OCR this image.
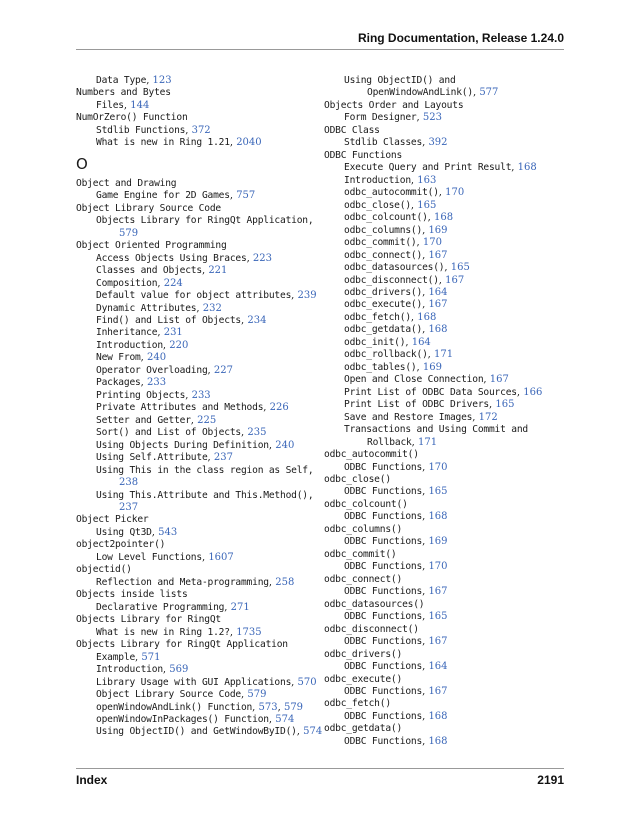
Ring Documentation, Release 1.24.0
Data Type, 123
Numbers and Bytes
Files, 144
NumOrZero() Function
Stdlib Functions, 372
What is new in Ring 1.21, 2040
O
Object and Drawing
Game Engine for 2D Games, 757
Object Library Source Code
Objects Library for RingQt Application,
579
Object Oriented Programming
Access Objects Using Braces, 223
Classes and Objects, 221
Composition, 224
Default value for object attributes, 239
Dynamic Attributes, 232
Find() and List of Objects, 234
Inheritance, 231
Introduction, 220
New From, 240
Operator Overloading, 227
Packages, 233
Printing Objects, 233
Private Attributes and Methods, 226
Setter and Getter, 225
Sort() and List of Objects, 235
Using Objects During Definition, 240
Using Self.Attribute, 237
Using This in the class region as Self,
238
Using This.Attribute and This.Method(),
237
Object Picker
Using Qt3D, 543
object2pointer()
Low Level Functions, 1607
objectid()
Reflection and Meta-programming, 258
Objects inside lists
Declarative Programming, 271
Objects Library for RingQt
What is new in Ring 1.2?, 1735
Objects Library for RingQt Application
Example, 571
Introduction, 569
Library Usage with GUI Applications, 570
Object Library Source Code, 579
openWindowAndLink() Function, 573, 579
openWindowInPackages() Function, 574
Using ObjectID() and GetWindowByID(), 574
Using ObjectID() and
OpenWindowAndLink(), 577
Objects Order and Layouts
Form Designer, 523
ODBC Class
Stdlib Classes, 392
ODBC Functions
Execute Query and Print Result, 168
Introduction, 163
odbc_autocommit(), 170
odbc_close(), 165
odbc_colcount(), 168
odbc_columns(), 169
odbc_commit(), 170
odbc_connect(), 167
odbc_datasources(), 165
odbc_disconnect(), 167
odbc_drivers(), 164
odbc_execute(), 167
odbc_fetch(), 168
odbc_getdata(), 168
odbc_init(), 164
odbc_rollback(), 171
odbc_tables(), 169
Open and Close Connection, 167
Print List of ODBC Data Sources, 166
Print List of ODBC Drivers, 165
Save and Restore Images, 172
Transactions and Using Commit and
Rollback, 171
odbc_autocommit()
ODBC Functions, 170
odbc_close()
ODBC Functions, 165
odbc_colcount()
ODBC Functions, 168
odbc_columns()
ODBC Functions, 169
odbc_commit()
ODBC Functions, 170
odbc_connect()
ODBC Functions, 167
odbc_datasources()
ODBC Functions, 165
odbc_disconnect()
ODBC Functions, 167
odbc_drivers()
ODBC Functions, 164
odbc_execute()
ODBC Functions, 167
odbc_fetch()
ODBC Functions, 168
odbc_getdata()
ODBC Functions, 168
Index	2191
